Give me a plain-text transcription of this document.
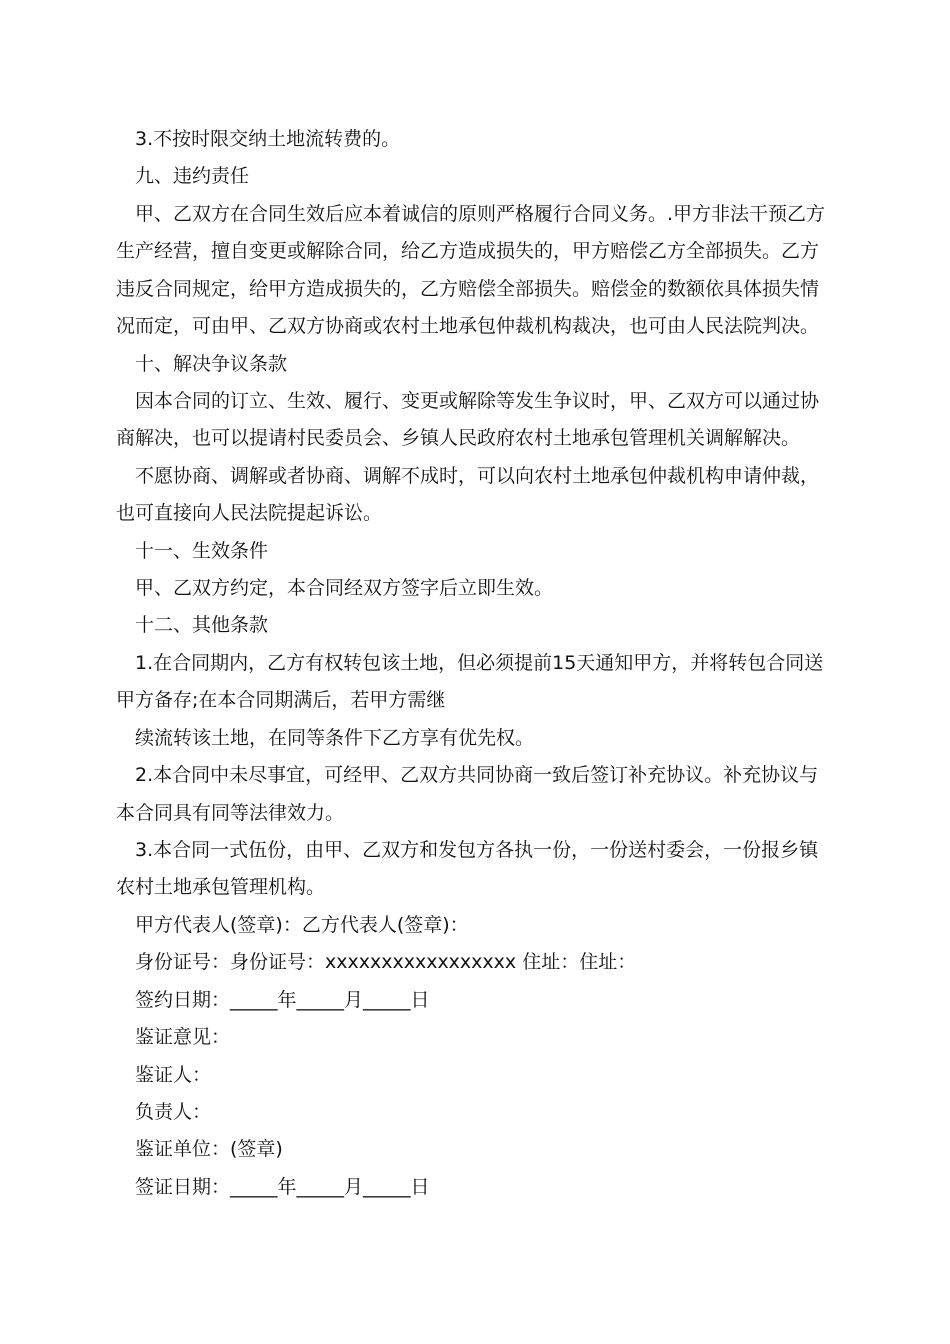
3.不按时限交纳土地流转费的。
九、违约责任
甲、乙双方在合同生效后应本着诚信的原则严格履行合同义务。.甲方非法干预乙方
生产经营，擅自变更或解除合同，给乙方造成损失的，甲方赔偿乙方全部损失。乙方
违反合同规定，给甲方造成损失的，乙方赔偿全部损失。赔偿金的数额依具体损失情
况而定，可由甲、乙双方协商或农村土地承包仲裁机构裁决，也可由人民法院判决。
十、解决争议条款
因本合同的订立、生效、履行、变更或解除等发生争议时，甲、乙双方可以通过协
商解决，也可以提请村民委员会、乡镇人民政府农村土地承包管理机关调解解决。
不愿协商、调解或者协商、调解不成时，可以向农村土地承包仲裁机构申请仲裁，
也可直接向人民法院提起诉讼。
十一、生效条件
甲、乙双方约定，本合同经双方签字后立即生效。
十二、其他条款
1.在合同期内，乙方有权转包该土地，但必须提前15天通知甲方，并将转包合同送
甲方备存;在本合同期满后，若甲方需继
续流转该土地，在同等条件下乙方享有优先权。
2.本合同中未尽事宜，可经甲、乙双方共同协商一致后签订补充协议。补充协议与
本合同具有同等法律效力。
3.本合同一式伍份，由甲、乙双方和发包方各执一份，一份送村委会，一份报乡镇
农村土地承包管理机构。
甲方代表人(签章)：乙方代表人(签章)：
身份证号：身份证号：xxxxxxxxxxxxxxxxx 住址：住址：
签约日期：_____年_____月_____日
鉴证意见：
鉴证人：
负责人：
鉴证单位：(签章)
签证日期：_____年_____月_____日
